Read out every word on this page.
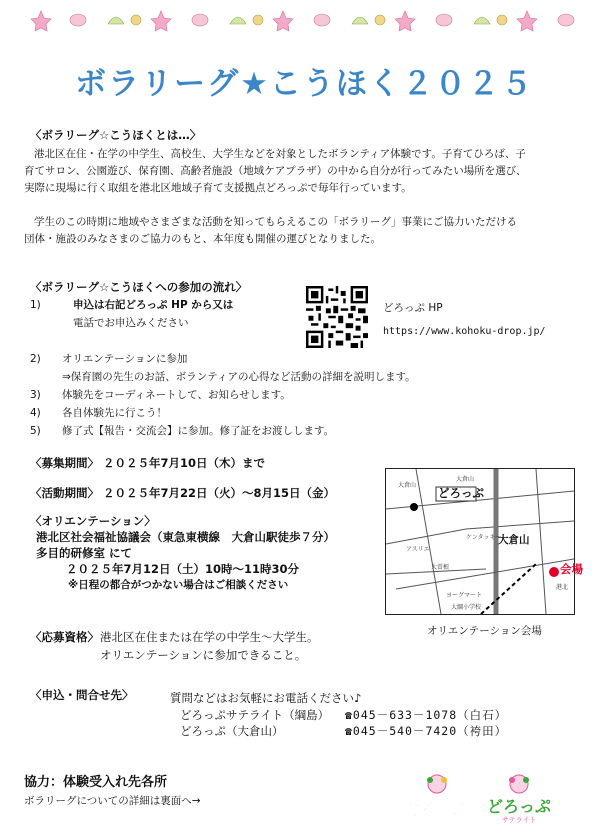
ボラリーグ★こうほく２０２５
〈ボラリーグ☆こうほくとは…〉
港北区在住・在学の中学生、高校生、大学生などを対象としたボランティア体験です。子育てひろば、子
育てサロン、公園遊び、保育園、高齢者施設（地域ケアプラザ）の中から自分が行ってみたい場所を選び、
実際に現場に行く取組を港北区地域子育て支援拠点どろっぷで毎年行っています。
学生のこの時期に地域やさまざまな活動を知ってもらえるこの「ボラリーグ」事業にご協力いただける
団体・施設のみなさまのご協力のもと、本年度も開催の運びとなりました。
〈ボラリーグ☆こうほくへの参加の流れ〉
1)	申込は右記どろっぷ HP から又は
電話でお申込みください
どろっぷ HP
https://www.kohoku-drop.jp/
2) オリエンテーションに参加
⇒保育園の先生のお話、ボランティアの心得など活動の詳細を説明します。
3) 体験先をコーディネートして、お知らせします。
4) 各自体験先に行こう！
5) 修了式【報告・交流会】に参加。修了証をお渡しします。
〈募集期間〉 ２０２５年7月10日（木）まで
〈活動期間〉 ２０２５年7月22日（火）～8月15日（金）
〈オリエンテーション〉
港北区社会福祉協議会（東急東横線　大倉山駅徒歩７分）
多目的研修室 にて
２０２５年7月12日（土）10時～11時30分
※日程の都合がつかない場合はご相談ください
大倉山
大倉山
アスリエ
ケンタッキー
大曽根
ヨーグマート
大綱小学校
港北
どろっぷ
大倉山
会場
オリエンテーション会場
〈応募資格〉 港北区在住または在学の中学生～大学生。
オリエンテーションに参加できること。
〈申込・問合せ先〉	質問などはお気軽にお電話ください♪
どろっぷサテライト（綱島） ☎045－633－1078（白石）
どろっぷ（大倉山）	☎045－540－7420（袴田）
協力：体験受入れ先各所
ボラリーグについての詳細は裏面へ→	どろっぷ どろっぷ
サテライト
